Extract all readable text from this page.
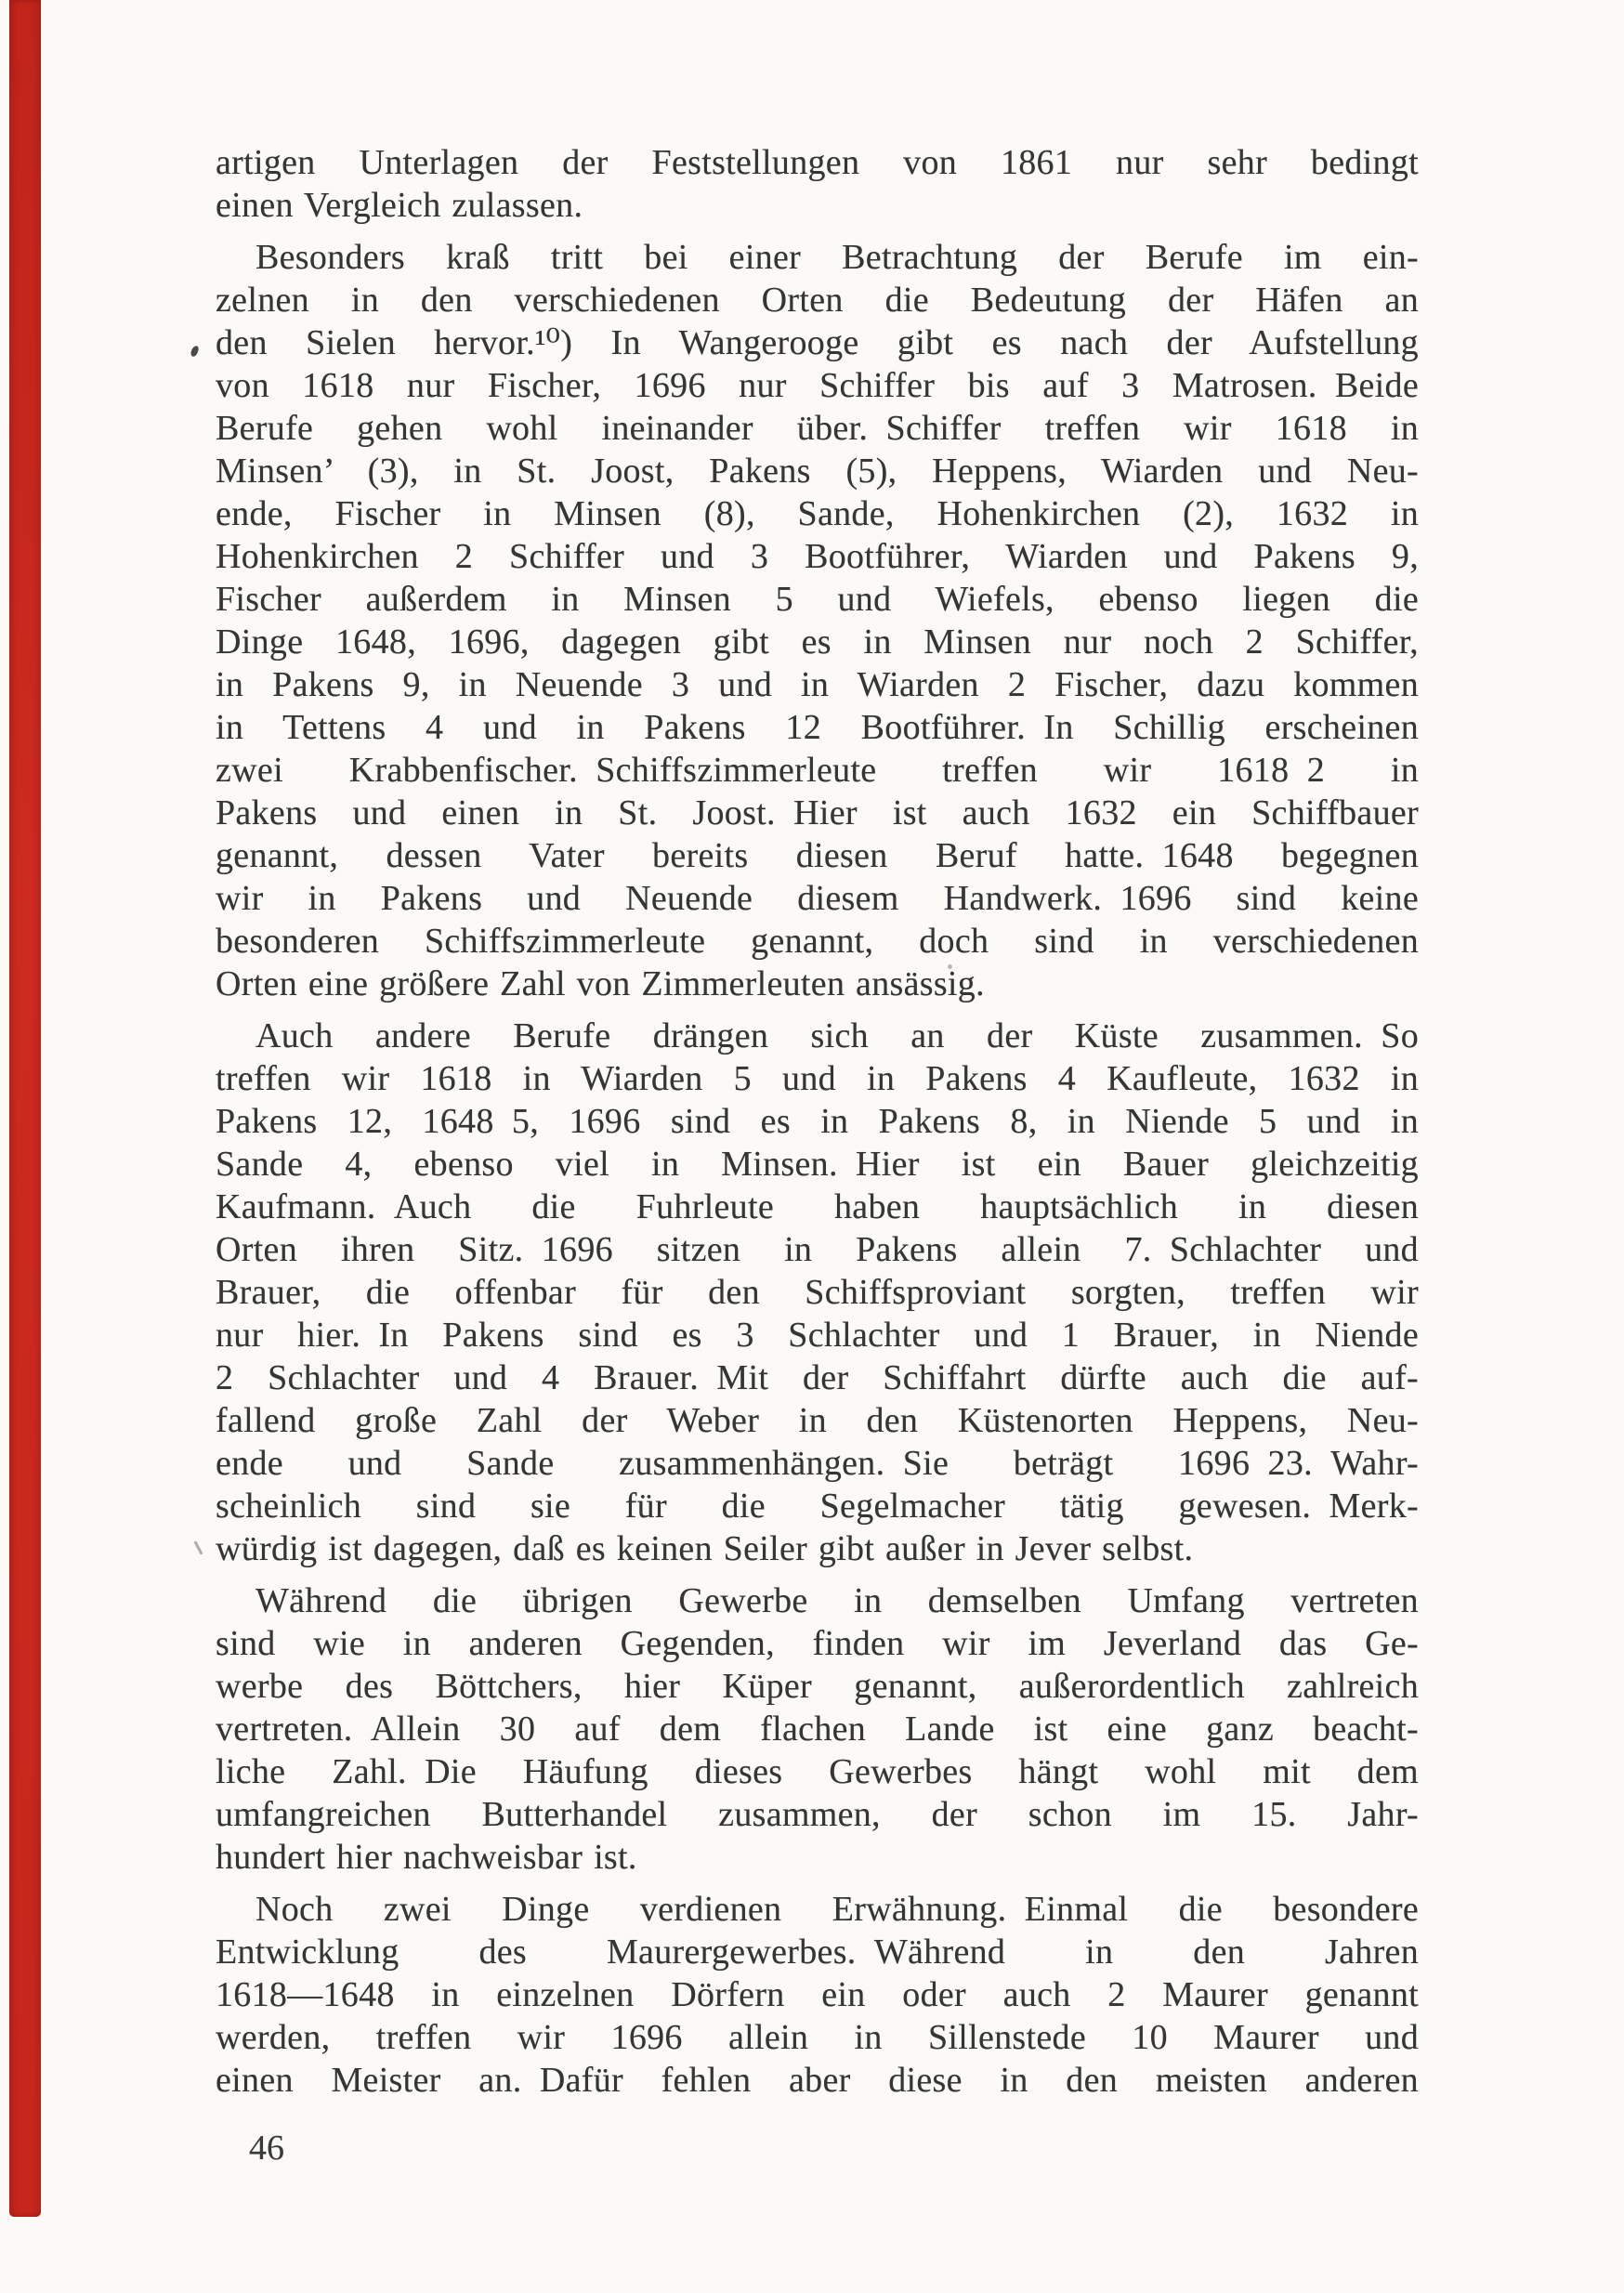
artigen Unterlagen der Feststellungen von 1861 nur sehr bedingt
einen Vergleich zulassen.
Besonders kraß tritt bei einer Betrachtung der Berufe im ein-
zelnen in den verschiedenen Orten die Bedeutung der Häfen an
den Sielen hervor.¹⁰) In Wangerooge gibt es nach der Aufstellung
von 1618 nur Fischer, 1696 nur Schiffer bis auf 3 Matrosen. Beide
Berufe gehen wohl ineinander über. Schiffer treffen wir 1618 in
Minsen’ (3), in St. Joost, Pakens (5), Heppens, Wiarden und Neu-
ende, Fischer in Minsen (8), Sande, Hohenkirchen (2), 1632 in
Hohenkirchen 2 Schiffer und 3 Bootführer, Wiarden und Pakens 9,
Fischer außerdem in Minsen 5 und Wiefels, ebenso liegen die
Dinge 1648, 1696, dagegen gibt es in Minsen nur noch 2 Schiffer,
in Pakens 9, in Neuende 3 und in Wiarden 2 Fischer, dazu kommen
in Tettens 4 und in Pakens 12 Bootführer. In Schillig erscheinen
zwei Krabbenfischer. Schiffszimmerleute treffen wir 1618 2 in
Pakens und einen in St. Joost. Hier ist auch 1632 ein Schiffbauer
genannt, dessen Vater bereits diesen Beruf hatte. 1648 begegnen
wir in Pakens und Neuende diesem Handwerk. 1696 sind keine
besonderen Schiffszimmerleute genannt, doch sind in verschiedenen
Orten eine größere Zahl von Zimmerleuten ansässig.
Auch andere Berufe drängen sich an der Küste zusammen. So
treffen wir 1618 in Wiarden 5 und in Pakens 4 Kaufleute, 1632 in
Pakens 12, 1648 5, 1696 sind es in Pakens 8, in Niende 5 und in
Sande 4, ebenso viel in Minsen. Hier ist ein Bauer gleichzeitig
Kaufmann. Auch die Fuhrleute haben hauptsächlich in diesen
Orten ihren Sitz. 1696 sitzen in Pakens allein 7. Schlachter und
Brauer, die offenbar für den Schiffsproviant sorgten, treffen wir
nur hier. In Pakens sind es 3 Schlachter und 1 Brauer, in Niende
2 Schlachter und 4 Brauer. Mit der Schiffahrt dürfte auch die auf-
fallend große Zahl der Weber in den Küstenorten Heppens, Neu-
ende und Sande zusammenhängen. Sie beträgt 1696 23. Wahr-
scheinlich sind sie für die Segelmacher tätig gewesen. Merk-
würdig ist dagegen, daß es keinen Seiler gibt außer in Jever selbst.
Während die übrigen Gewerbe in demselben Umfang vertreten
sind wie in anderen Gegenden, finden wir im Jeverland das Ge-
werbe des Böttchers, hier Küper genannt, außerordentlich zahlreich
vertreten. Allein 30 auf dem flachen Lande ist eine ganz beacht-
liche Zahl. Die Häufung dieses Gewerbes hängt wohl mit dem
umfangreichen Butterhandel zusammen, der schon im 15. Jahr-
hundert hier nachweisbar ist.
Noch zwei Dinge verdienen Erwähnung. Einmal die besondere
Entwicklung des Maurergewerbes. Während in den Jahren
1618—1648 in einzelnen Dörfern ein oder auch 2 Maurer genannt
werden, treffen wir 1696 allein in Sillenstede 10 Maurer und
einen Meister an. Dafür fehlen aber diese in den meisten anderen
46
